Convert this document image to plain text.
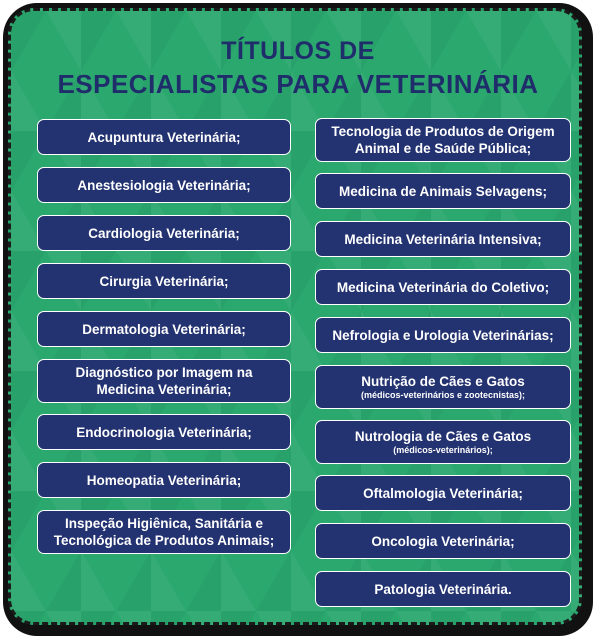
TÍTULOS DE
ESPECIALISTAS PARA VETERINÁRIA
Acupuntura Veterinária;
Anestesiologia Veterinária;
Cardiologia Veterinária;
Cirurgia Veterinária;
Dermatologia Veterinária;
Diagnóstico por Imagem na
Medicina Veterinária;
Endocrinologia Veterinária;
Homeopatia Veterinária;
Inspeção Higiênica, Sanitária e
Tecnológica de Produtos Animais;
Tecnologia de Produtos de Origem
Animal e de Saúde Pública;
Medicina de Animais Selvagens;
Medicina Veterinária Intensiva;
Medicina Veterinária do Coletivo;
Nefrologia e Urologia Veterinárias;
Nutrição de Cães e Gatos
(médicos-veterinários e zootecnistas);
Nutrologia de Cães e Gatos
(médicos-veterinários);
Oftalmologia Veterinária;
Oncologia Veterinária;
Patologia Veterinária.
